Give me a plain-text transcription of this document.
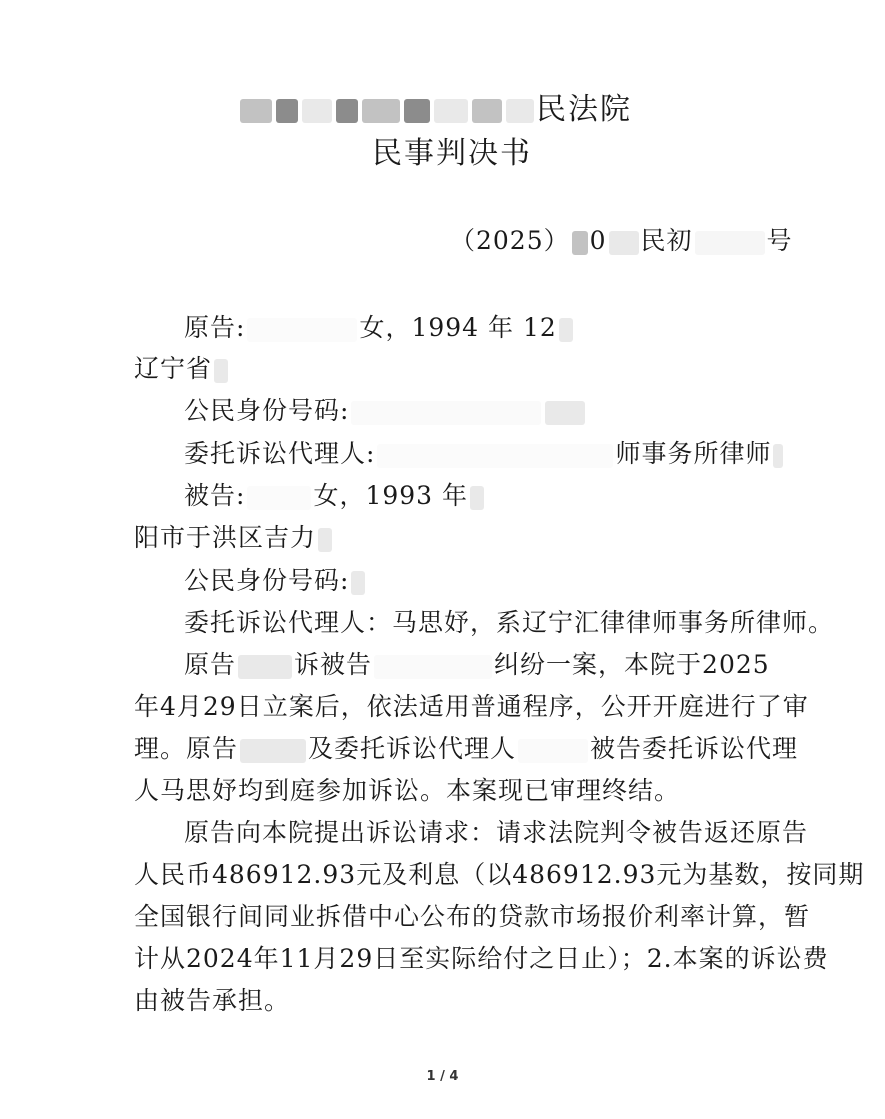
民法院
民事判决书
（2025） 0 民初	号
原告:	女，1994 年 12
辽宁省
公民身份号码:
委托诉讼代理人:	师事务所律师
被告:	女，1993 年
阳市于洪区吉力
公民身份号码:
委托诉讼代理人：马思妤，系辽宁汇律律师事务所律师。
原告 诉被告	纠纷一案，本院于2025
年4月29日立案后，依法适用普通程序，公开开庭进行了审
理。原告	及委托诉讼代理人	被告委托诉讼代理
人马思妤均到庭参加诉讼。本案现已审理终结。
原告向本院提出诉讼请求：请求法院判令被告返还原告
人民币486912.93元及利息（以486912.93元为基数，按同期
全国银行间同业拆借中心公布的贷款市场报价利率计算，暂
计从2024年11月29日至实际给付之日止）；2.本案的诉讼费
由被告承担。
1 / 4
